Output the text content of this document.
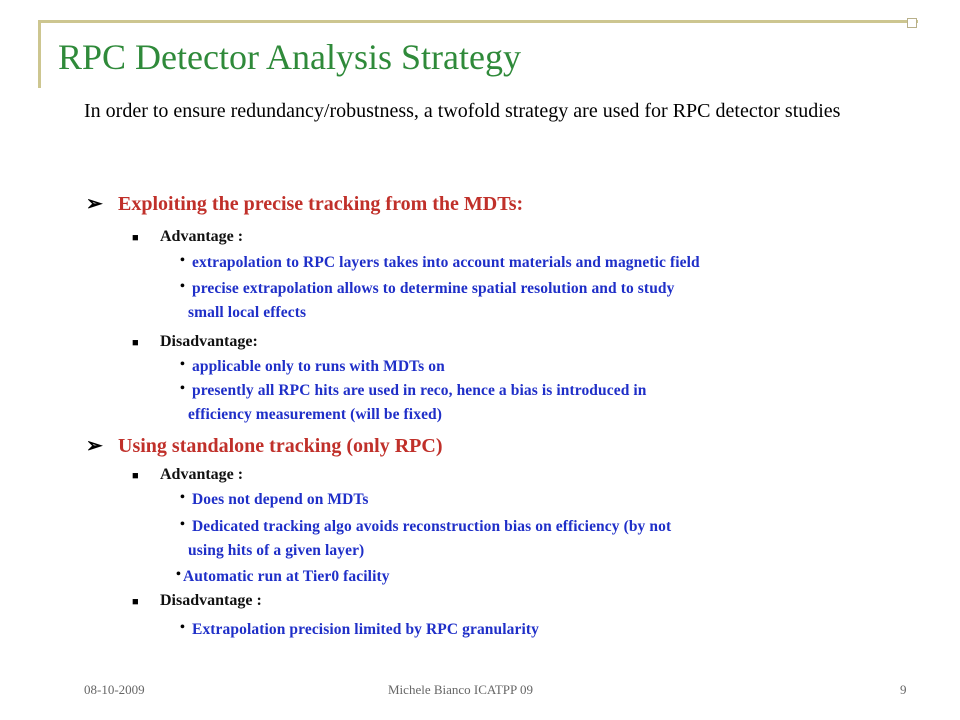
RPC Detector Analysis Strategy
In order to ensure redundancy/robustness, a twofold strategy are used for RPC detector studies
➢ Exploiting the precise tracking from the MDTs:
■ Advantage :
• extrapolation to RPC layers takes into account materials and magnetic field
• precise extrapolation allows to determine spatial resolution and to study
small local effects
■ Disadvantage:
• applicable only to runs with MDTs on
• presently all RPC hits are used in reco, hence a bias is introduced in
efficiency measurement (will be fixed)
➢ Using standalone tracking (only RPC)
■ Advantage :
• Does not depend on MDTs
• Dedicated tracking algo avoids reconstruction bias on efficiency (by not
using hits of a given layer)
• Automatic run at Tier0 facility
■ Disadvantage :
• Extrapolation precision limited by RPC granularity
08-10-2009	Michele Bianco ICATPP 09	9
